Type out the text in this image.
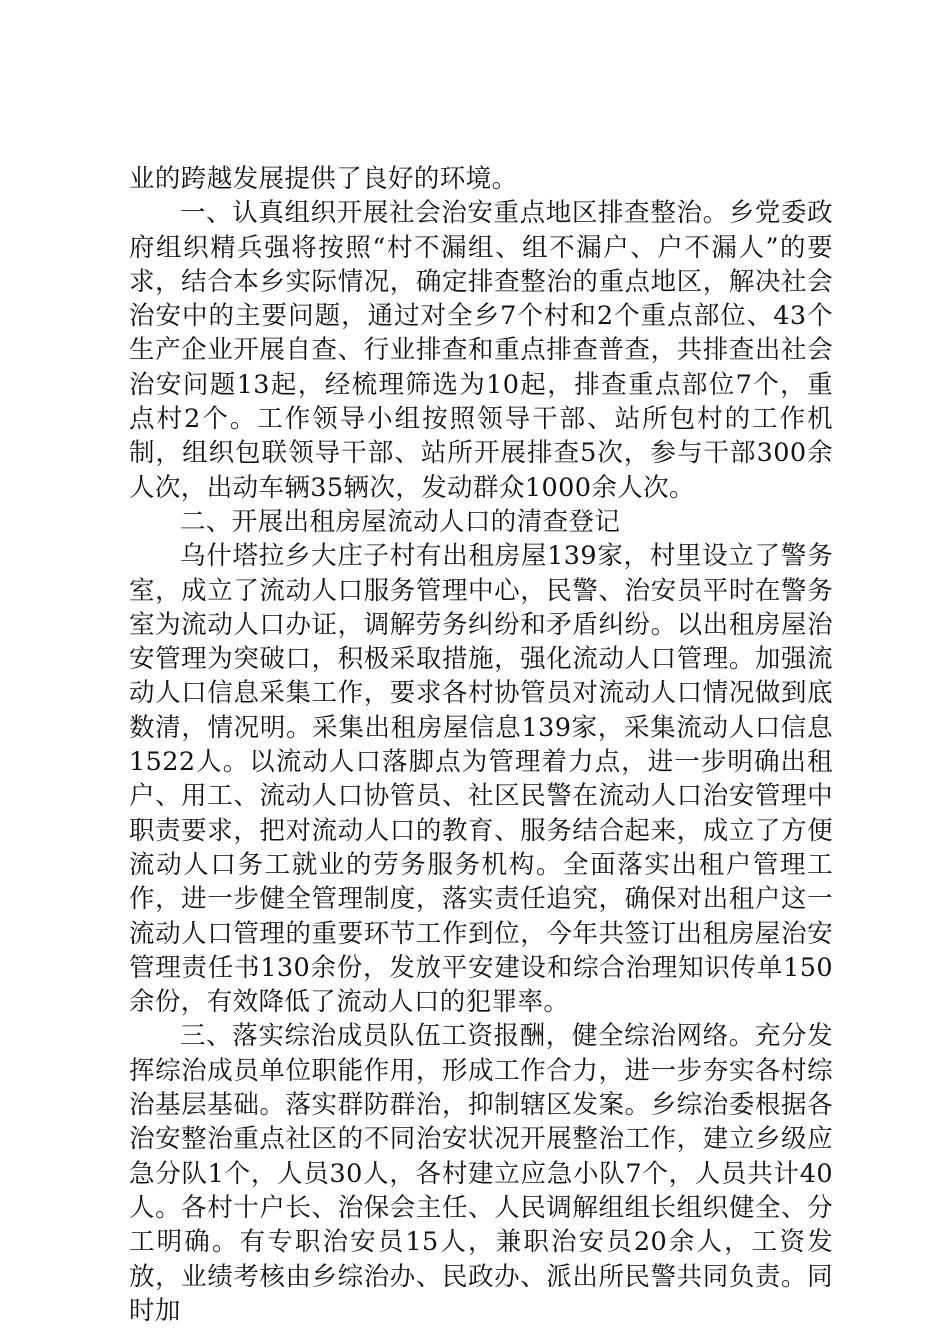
业的跨越发展提供了良好的环境。

一、认真组织开展社会治安重点地区排查整治。乡党委政府组织精兵强将按照“村不漏组、组不漏户、户不漏人”的要求，结合本乡实际情况，确定排查整治的重点地区，解决社会治安中的主要问题，通过对全乡7个村和2个重点部位、43个生产企业开展自查、行业排查和重点排查普查，共排查出社会治安问题13起，经梳理筛选为10起，排查重点部位7个，重点村2个。工作领导小组按照领导干部、站所包村的工作机制，组织包联领导干部、站所开展排查5次，参与干部300余人次，出动车辆35辆次，发动群众1000余人次。

二、开展出租房屋流动人口的清查登记

乌什塔拉乡大庄子村有出租房屋139家，村里设立了警务室，成立了流动人口服务管理中心，民警、治安员平时在警务室为流动人口办证，调解劳务纠纷和矛盾纠纷。以出租房屋治安管理为突破口，积极采取措施，强化流动人口管理。加强流动人口信息采集工作，要求各村协管员对流动人口情况做到底数清，情况明。采集出租房屋信息139家，采集流动人口信息1522人。以流动人口落脚点为管理着力点，进一步明确出租户、用工、流动人口协管员、社区民警在流动人口治安管理中职责要求，把对流动人口的教育、服务结合起来，成立了方便流动人口务工就业的劳务服务机构。全面落实出租户管理工作，进一步健全管理制度，落实责任追究，确保对出租户这一流动人口管理的重要环节工作到位，今年共签订出租房屋治安管理责任书130余份，发放平安建设和综合治理知识传单150余份，有效降低了流动人口的犯罪率。

三、落实综治成员队伍工资报酬，健全综治网络。充分发挥综治成员单位职能作用，形成工作合力，进一步夯实各村综治基层基础。落实群防群治，抑制辖区发案。乡综治委根据各治安整治重点社区的不同治安状况开展整治工作，建立乡级应急分队1个，人员30人，各村建立应急小队7个，人员共计40人。各村十户长、治保会主任、人民调解组组长组织健全、分工明确。有专职治安员15人，兼职治安员20余人，工资发放，业绩考核由乡综治办、民政办、派出所民警共同负责。同时加
